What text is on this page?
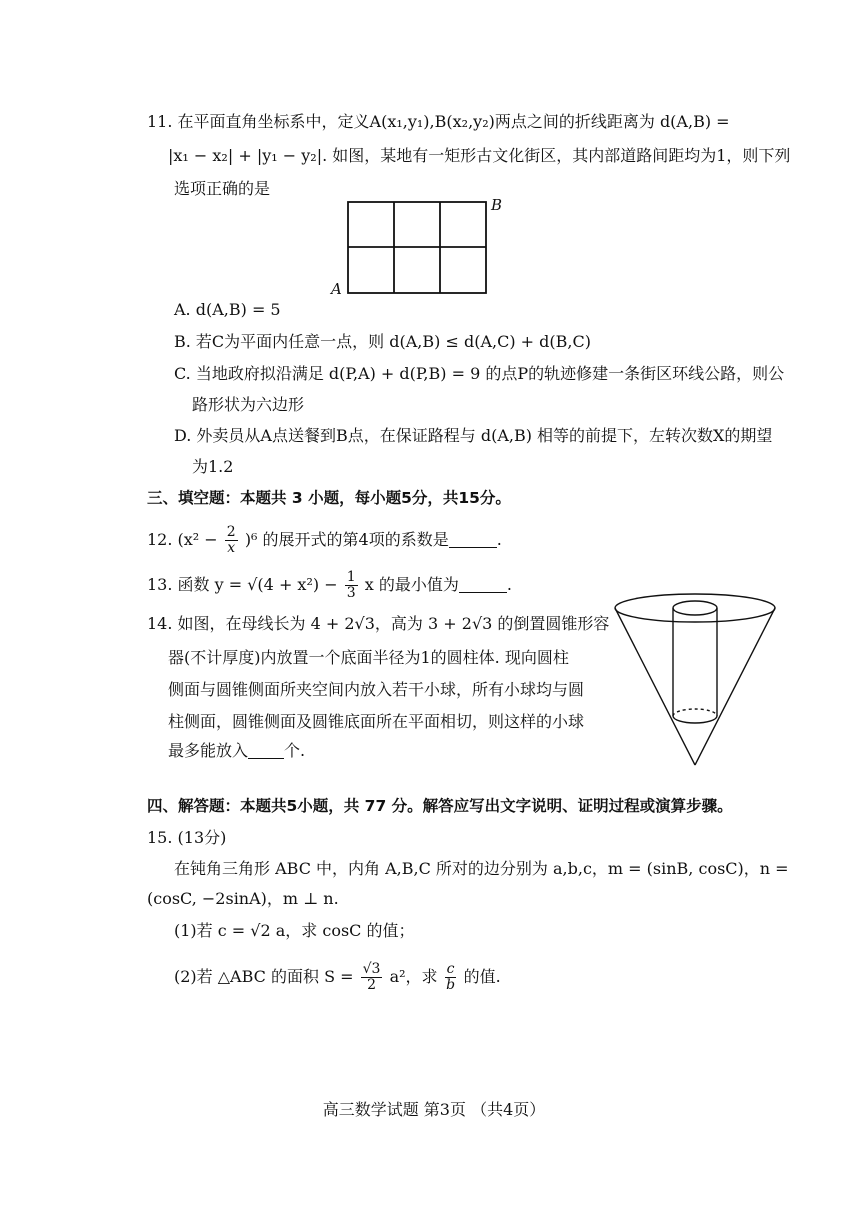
11. 在平面直角坐标系中，定义A(x₁,y₁),B(x₂,y₂)两点之间的折线距离为 d(A,B) =
|x₁ − x₂| + |y₁ − y₂|. 如图，某地有一矩形古文化街区，其内部道路间距均为1，则下列
选项正确的是
A
B
A. d(A,B) = 5
B. 若C为平面内任意一点，则 d(A,B) ≤ d(A,C) + d(B,C)
C. 当地政府拟沿满足 d(P,A) + d(P,B) = 9 的点P的轨迹修建一条街区环线公路，则公
路形状为六边形
D. 外卖员从A点送餐到B点，在保证路程与 d(A,B) 相等的前提下，左转次数X的期望
为1.2
三、填空题：本题共 3 小题，每小题5分，共15分。
12. $(x^2 - \frac{2}{x} )^6$ 的展开式的第4项的系数是	.
13. 函数 $y = √(4 + x^2) - \frac{1}{3}$ x 的最小值为	.
14. 如图，在母线长为 4 + 2√3，高为 3 + 2√3 的倒置圆锥形容
器(不计厚度)内放置一个底面半径为1的圆柱体. 现向圆柱
侧面与圆锥侧面所夹空间内放入若干小球，所有小球均与圆
柱侧面，圆锥侧面及圆锥底面所在平面相切，则这样的小球
最多能放入 个.
四、解答题：本题共5小题，共 77 分。解答应写出文字说明、证明过程或演算步骤。
15. (13分)
在钝角三角形 ABC 中，内角 A,B,C 所对的边分别为 a,b,c，m = (sinB, cosC)，n =
(cosC, −2sinA)，m ⊥ n.
(1)若 c = √2 a，求 cosC 的值；
(2)若 △ABC 的面积 $S = \frac{√3}{2} a^2$，求 $\frac{c}{b}$ 的值.
高三数学试题 第3页 （共4页）
